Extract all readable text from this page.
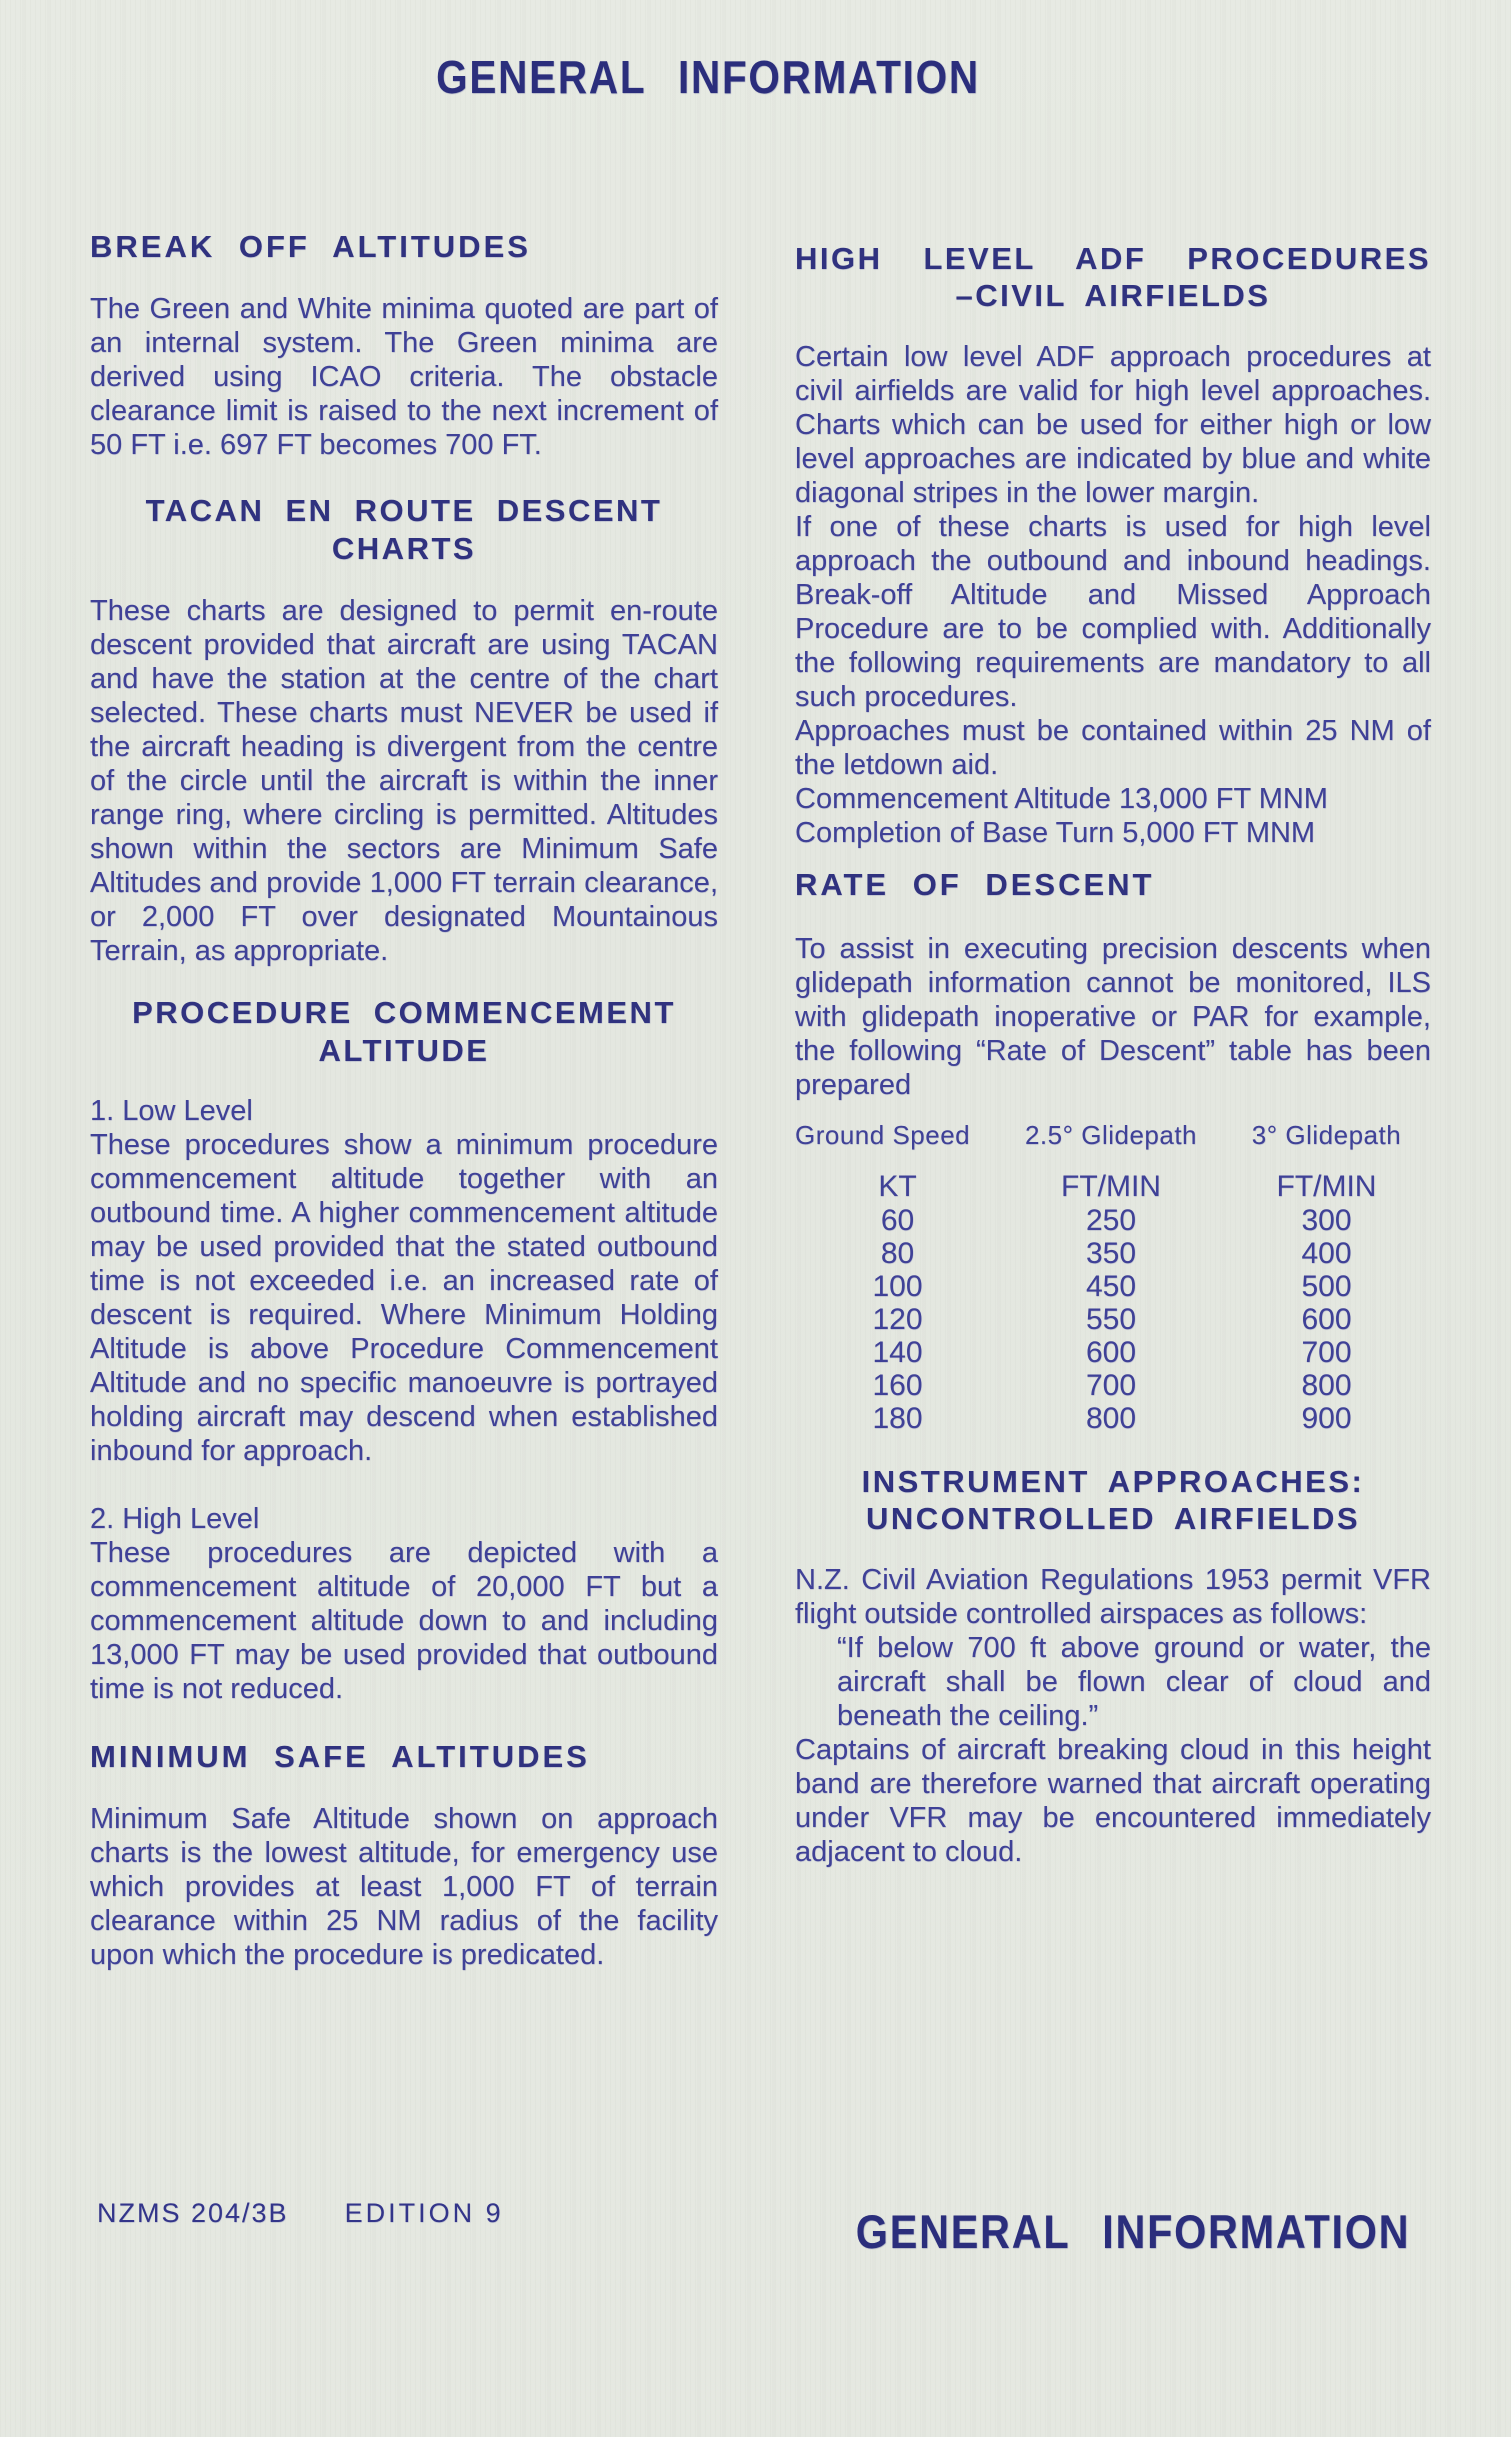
GENERAL INFORMATION
BREAK OFF ALTITUDES

The Green and White minima quoted are part of an internal system. The Green minima are derived using ICAO criteria. The obstacle clearance limit is raised to the next increment of 50 FT i.e. 697 FT becomes 700 FT.

TACAN EN ROUTE DESCENT CHARTS

These charts are designed to permit en-route descent provided that aircraft are using TACAN and have the station at the centre of the chart selected. These charts must NEVER be used if the aircraft heading is divergent from the centre of the circle until the aircraft is within the inner range ring, where circling is permitted. Altitudes shown within the sectors are Minimum Safe Altitudes and provide 1,000 FT terrain clearance, or 2,000 FT over designated Mountainous Terrain, as appropriate.

PROCEDURE COMMENCEMENT ALTITUDE

1. Low Level

These procedures show a minimum procedure commencement altitude together with an outbound time. A higher commencement altitude may be used provided that the stated outbound time is not exceeded i.e. an increased rate of descent is required. Where Minimum Holding Altitude is above Procedure Commencement Altitude and no specific manoeuvre is portrayed holding aircraft may descend when established inbound for approach.

2. High Level

These procedures are depicted with a commencement altitude of 20,000 FT but a commencement altitude down to and including 13,000 FT may be used provided that outbound time is not reduced.

MINIMUM SAFE ALTITUDES

Minimum Safe Altitude shown on approach charts is the lowest altitude, for emergency use which provides at least 1,000 FT of terrain clearance within 25 NM radius of the facility upon which the procedure is predicated.

HIGH LEVEL ADF PROCEDURES
–CIVIL AIRFIELDS

Certain low level ADF approach procedures at civil airfields are valid for high level approaches. Charts which can be used for either high or low level approaches are indicated by blue and white diagonal stripes in the lower margin.

If one of these charts is used for high level approach the outbound and inbound headings. Break-off Altitude and Missed Approach Procedure are to be complied with. Additionally the following requirements are mandatory to all such procedures.

Approaches must be contained within 25 NM of the letdown aid.

Commencement Altitude 13,000 FT MNM

Completion of Base Turn 5,000 FT MNM

RATE OF DESCENT

To assist in executing precision descents when glidepath information cannot be monitored, ILS with glidepath inoperative or PAR for example, the following “Rate of Descent” table has been prepared

Ground Speed	2.5° Glidepath	3° Glidepath
KT	FT/MIN	FT/MIN
60	250	300
80	350	400
100	450	500
120	550	600
140	600	700
160	700	800
180	800	900
INSTRUMENT APPROACHES:
UNCONTROLLED AIRFIELDS

N.Z. Civil Aviation Regulations 1953 permit VFR flight outside controlled airspaces as follows:

“If below 700 ft above ground or water, the aircraft shall be flown clear of cloud and beneath the ceiling.”

Captains of aircraft breaking cloud in this height band are therefore warned that aircraft operating under VFR may be encountered immediately adjacent to cloud.

NZMS 204/3B EDITION 9	GENERAL INFORMATION
